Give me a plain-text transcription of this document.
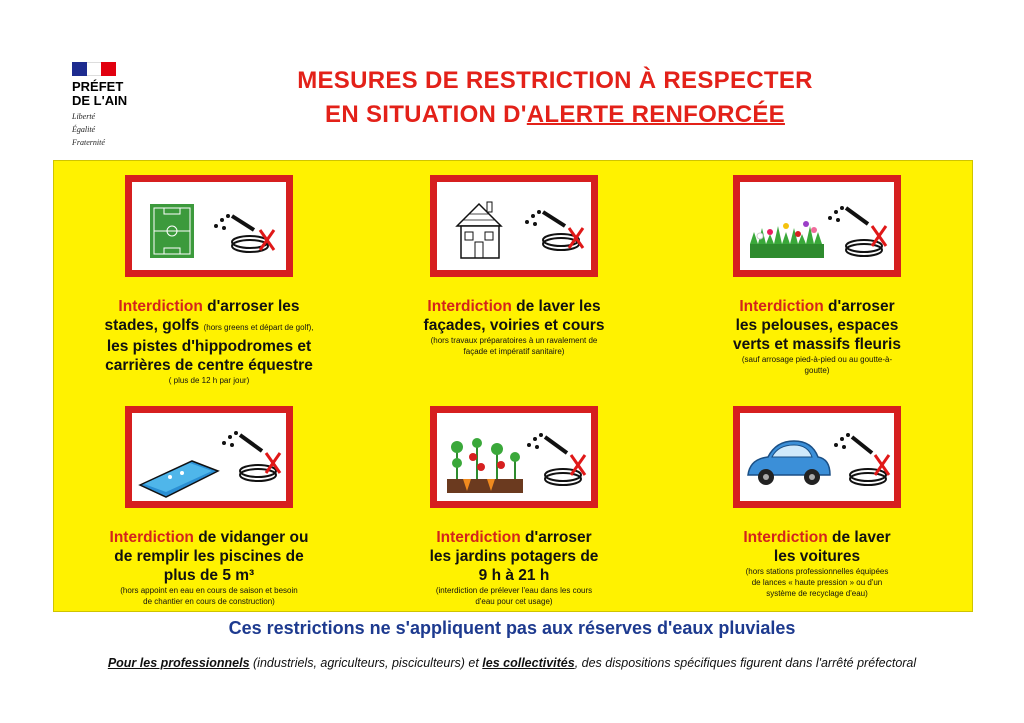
PRÉFET
DE L'AIN
Liberté
Égalité
Fraternité
MESURES DE RESTRICTION À RESPECTER
EN SITUATION D'ALERTE RENFORCÉE
Interdiction d'arroser les
stades, golfs (hors greens et départ de golf),
les pistes d'hippodromes et
carrières de centre équestre
( plus de 12 h par jour)
Interdiction de laver les
façades, voiries et cours
(hors travaux préparatoires à un ravalement de
façade et impératif sanitaire)
Interdiction d'arroser
les pelouses, espaces
verts et massifs fleuris
(sauf arrosage pied-à-pied ou au goutte-à-
goutte)
Interdiction de vidanger ou
de remplir les piscines de
plus de 5 m³
(hors appoint en eau en cours de saison et besoin
de chantier en cours de construction)
Interdiction d'arroser
les jardins potagers de
9 h à 21 h
(interdiction de prélever l'eau dans les cours
d'eau pour cet usage)
Interdiction de laver
les voitures
(hors stations professionnelles équipées
de lances « haute pression » ou d'un
système de recyclage d'eau)
Ces restrictions ne s'appliquent pas aux réserves d'eaux pluviales
Pour les professionnels (industriels, agriculteurs, pisciculteurs) et les collectivités, des dispositions spécifiques figurent dans l'arrêté préfectoral
